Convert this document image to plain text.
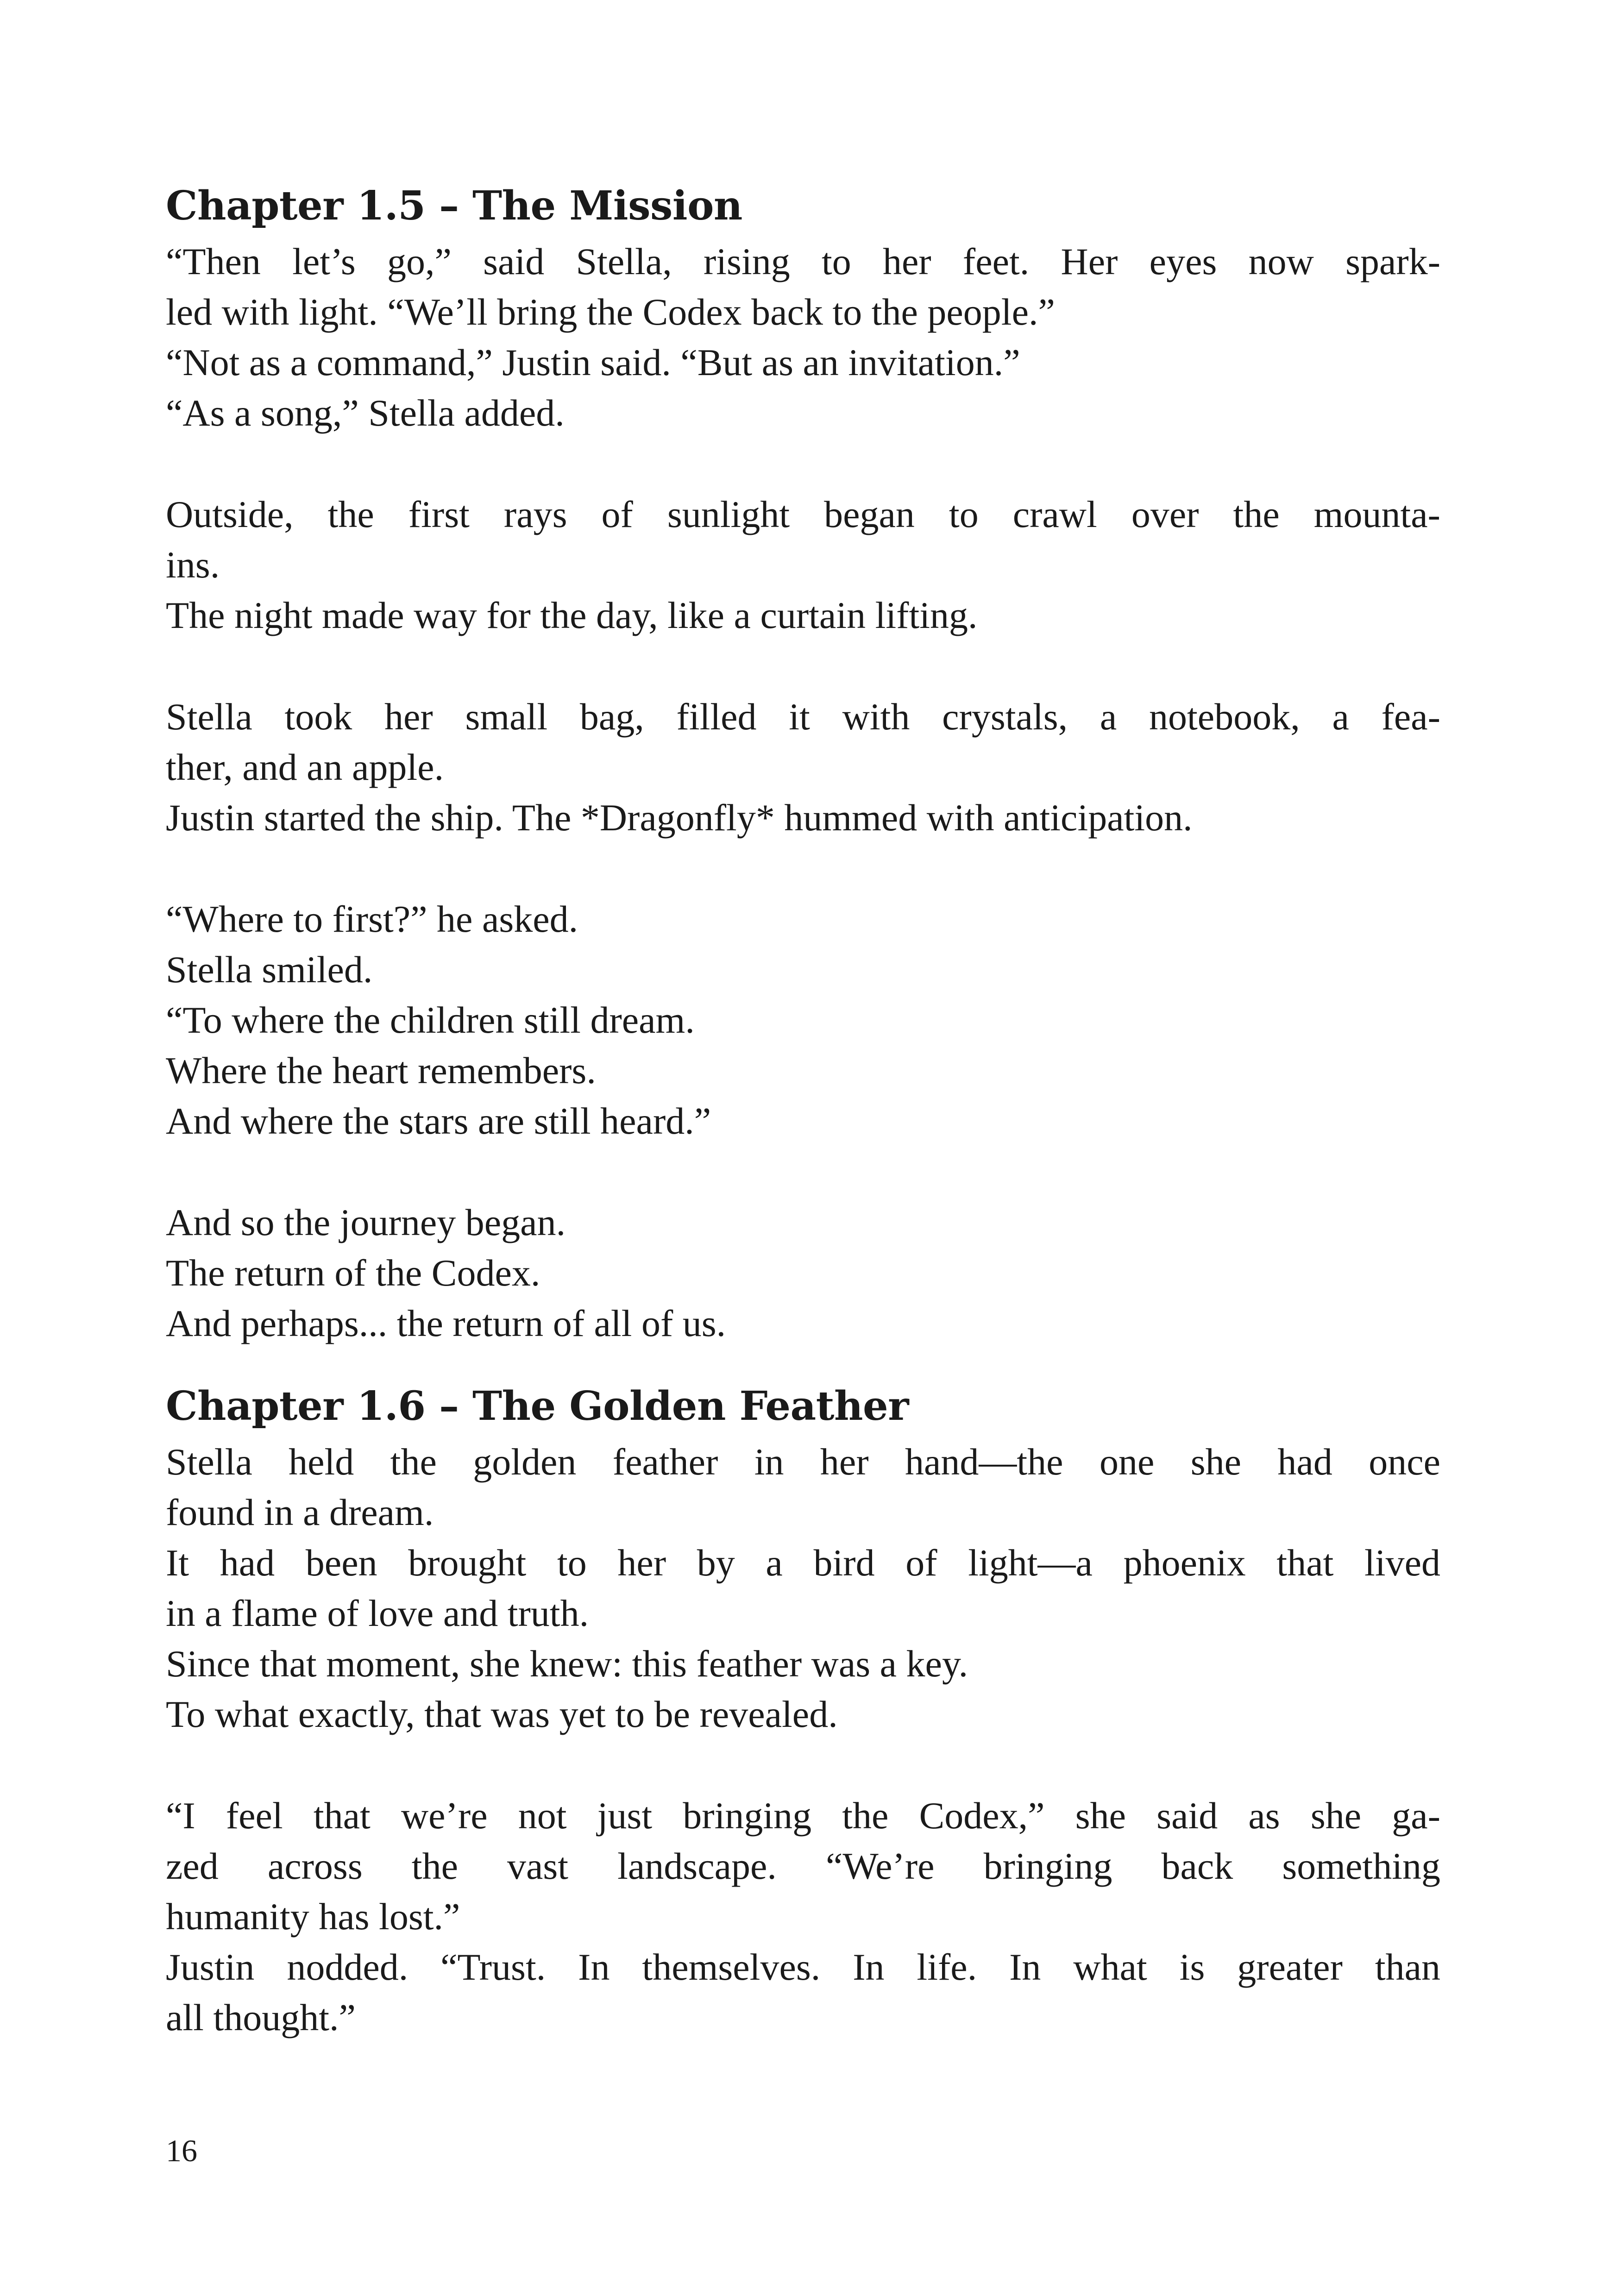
Chapter 1.5 – The Mission
“Then let’s go,” said Stella, rising to her feet. Her eyes now spark-
led with light. “We’ll bring the Codex back to the people.”
“Not as a command,” Justin said. “But as an invitation.”
“As a song,” Stella added.
Outside, the first rays of sunlight began to crawl over the mounta-
ins.
The night made way for the day, like a curtain lifting.
Stella took her small bag, filled it with crystals, a notebook, a fea-
ther, and an apple.
Justin started the ship. The *Dragonfly* hummed with anticipation.
“Where to first?” he asked.
Stella smiled.
“To where the children still dream.
Where the heart remembers.
And where the stars are still heard.”
And so the journey began.
The return of the Codex.
And perhaps... the return of all of us.
Chapter 1.6 – The Golden Feather
Stella held the golden feather in her hand—the one she had once
found in a dream.
It had been brought to her by a bird of light—a phoenix that lived
in a flame of love and truth.
Since that moment, she knew: this feather was a key.
To what exactly, that was yet to be revealed.
“I feel that we’re not just bringing the Codex,” she said as she ga-
zed across the vast landscape. “We’re bringing back something
humanity has lost.”
Justin nodded. “Trust. In themselves. In life. In what is greater than
all thought.”
16
